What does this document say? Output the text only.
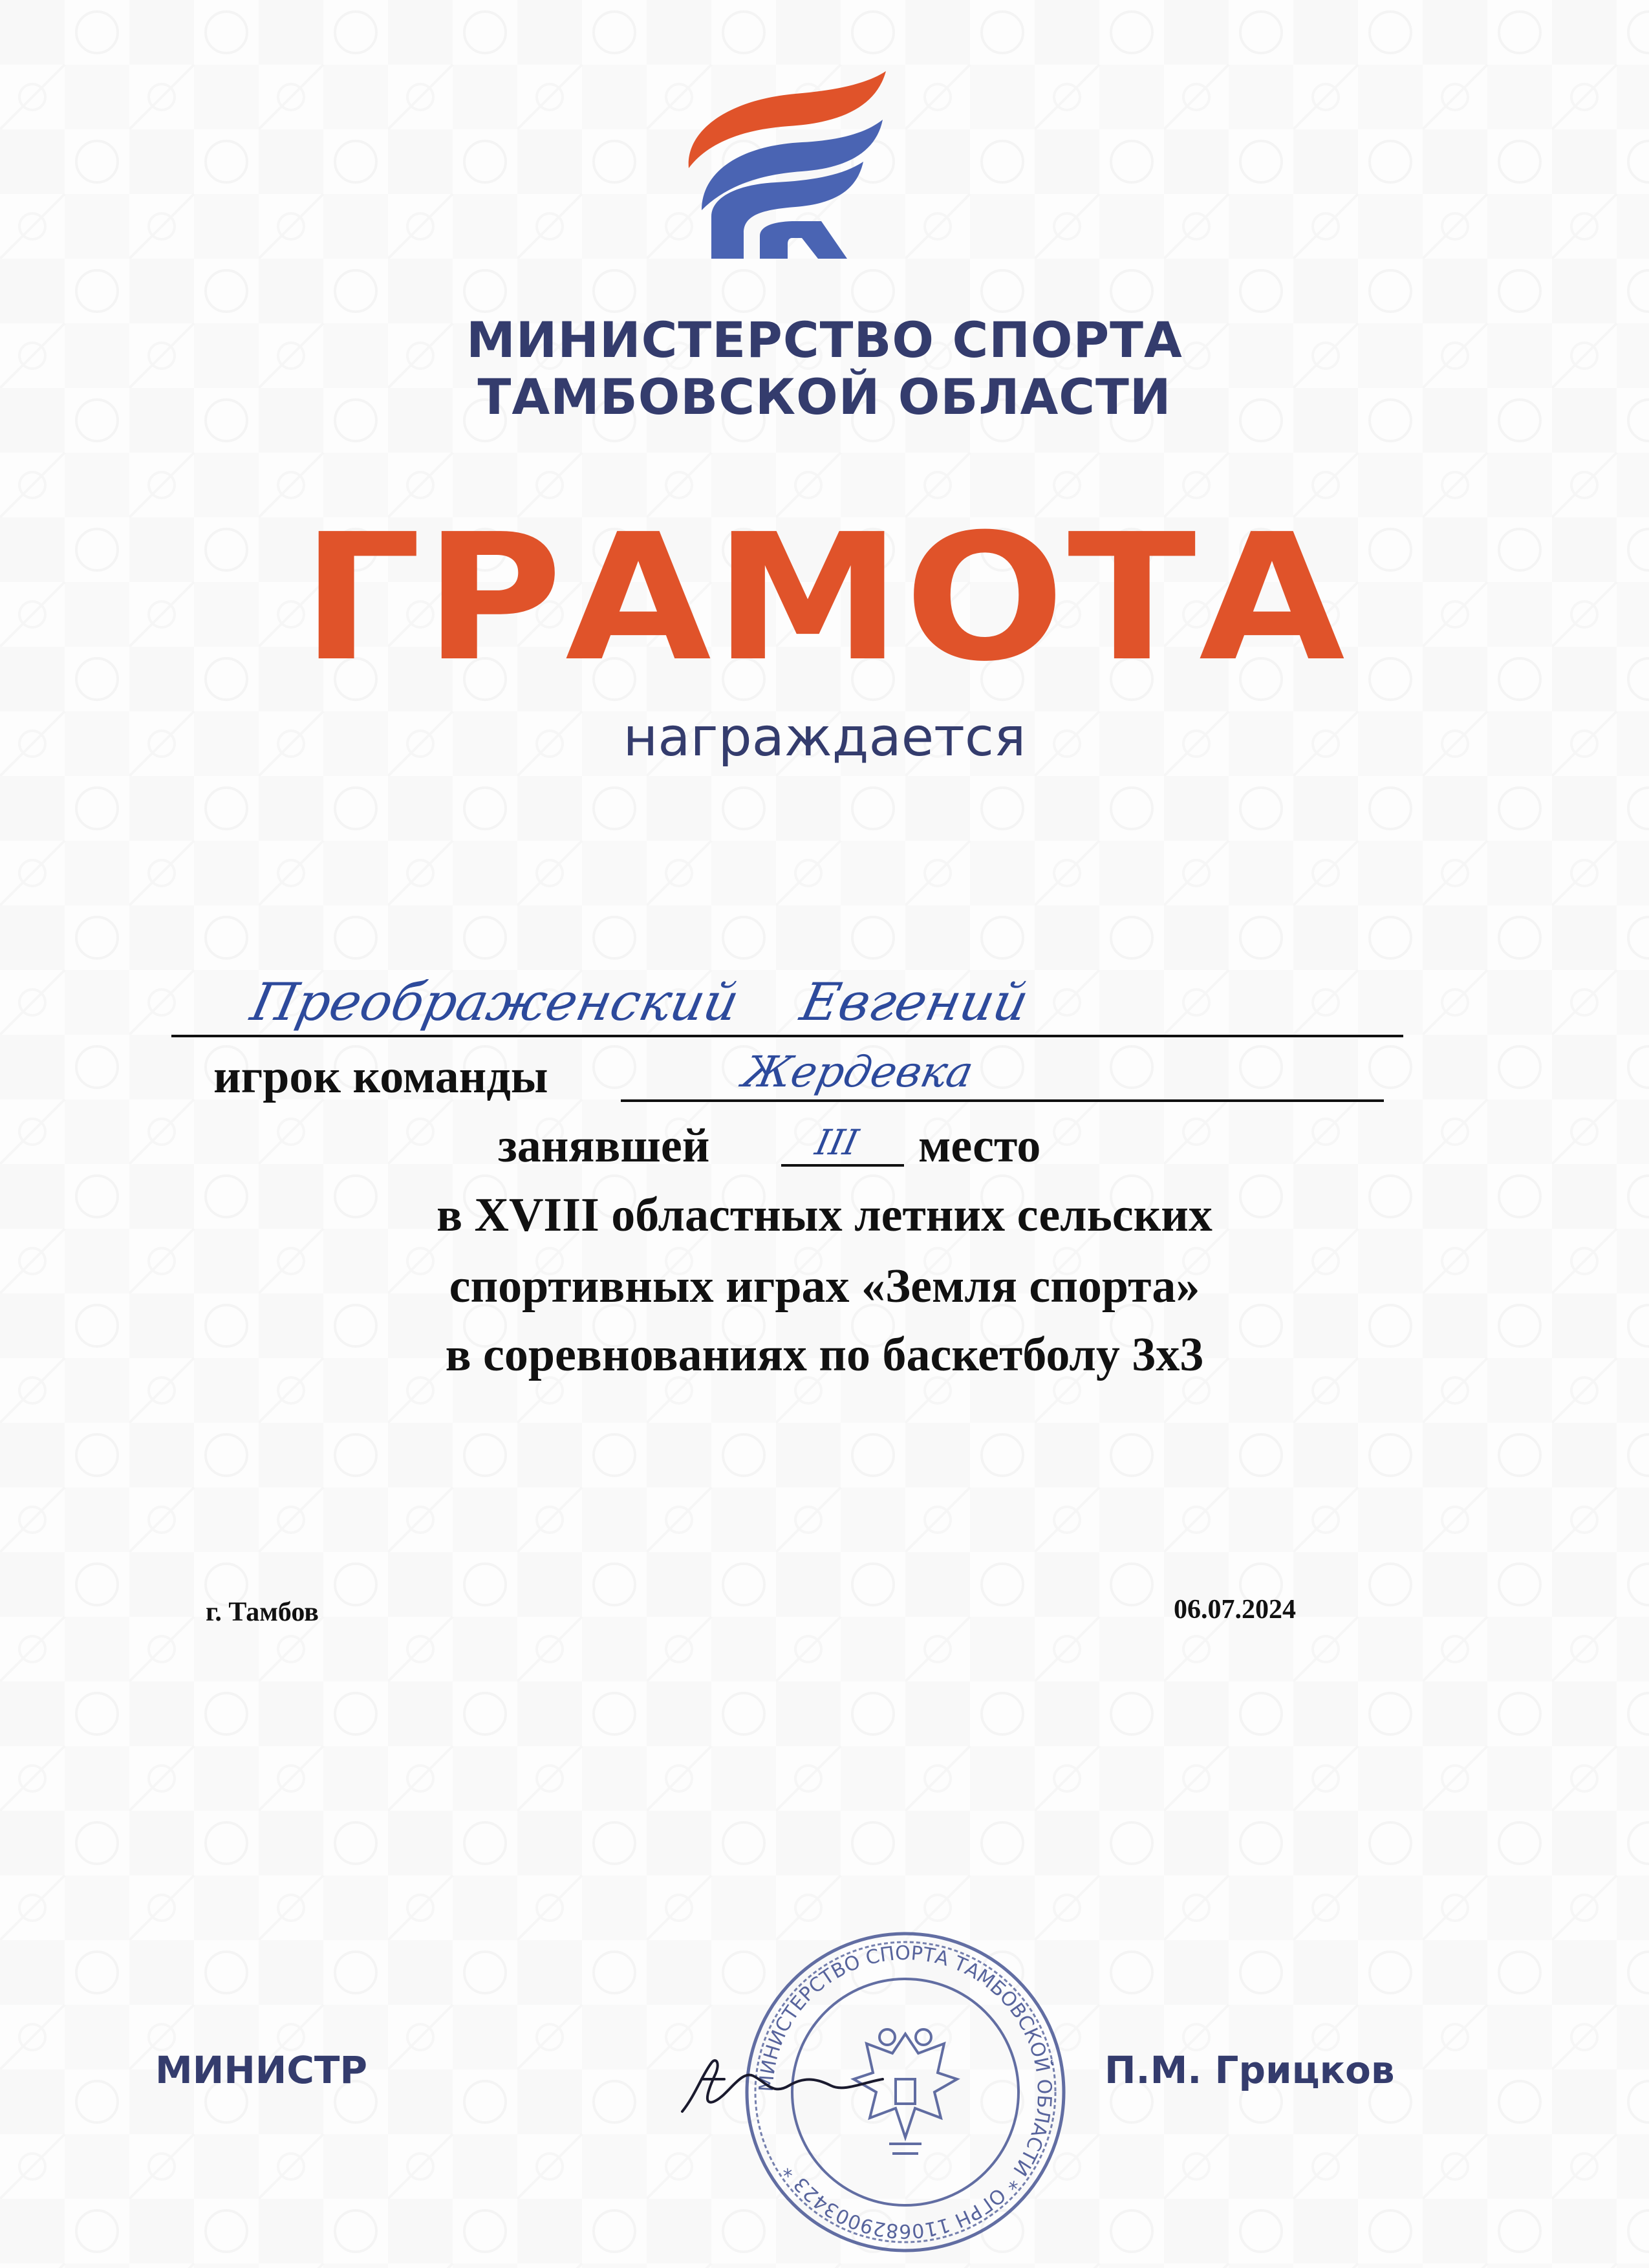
МИНИСТЕРСТВО СПОРТА
ТАМБОВСКОЙ ОБЛАСТИ
ГРАМОТА
награждается
Преображенский Евгений
игрок команды	Жердевка
занявшей	III место
в XVIII областных летних сельских
спортивных играх «Земля спорта»
в соревнованиях по баскетболу 3х3
г. Тамбов	06.07.2024
МИНИСТР	МИНИСТЕРСТВО СПОРТА ТАМБОВСКОЙ ОБЛАСТИ * ОГРН 1106829003423 *
П.М. Грицков
